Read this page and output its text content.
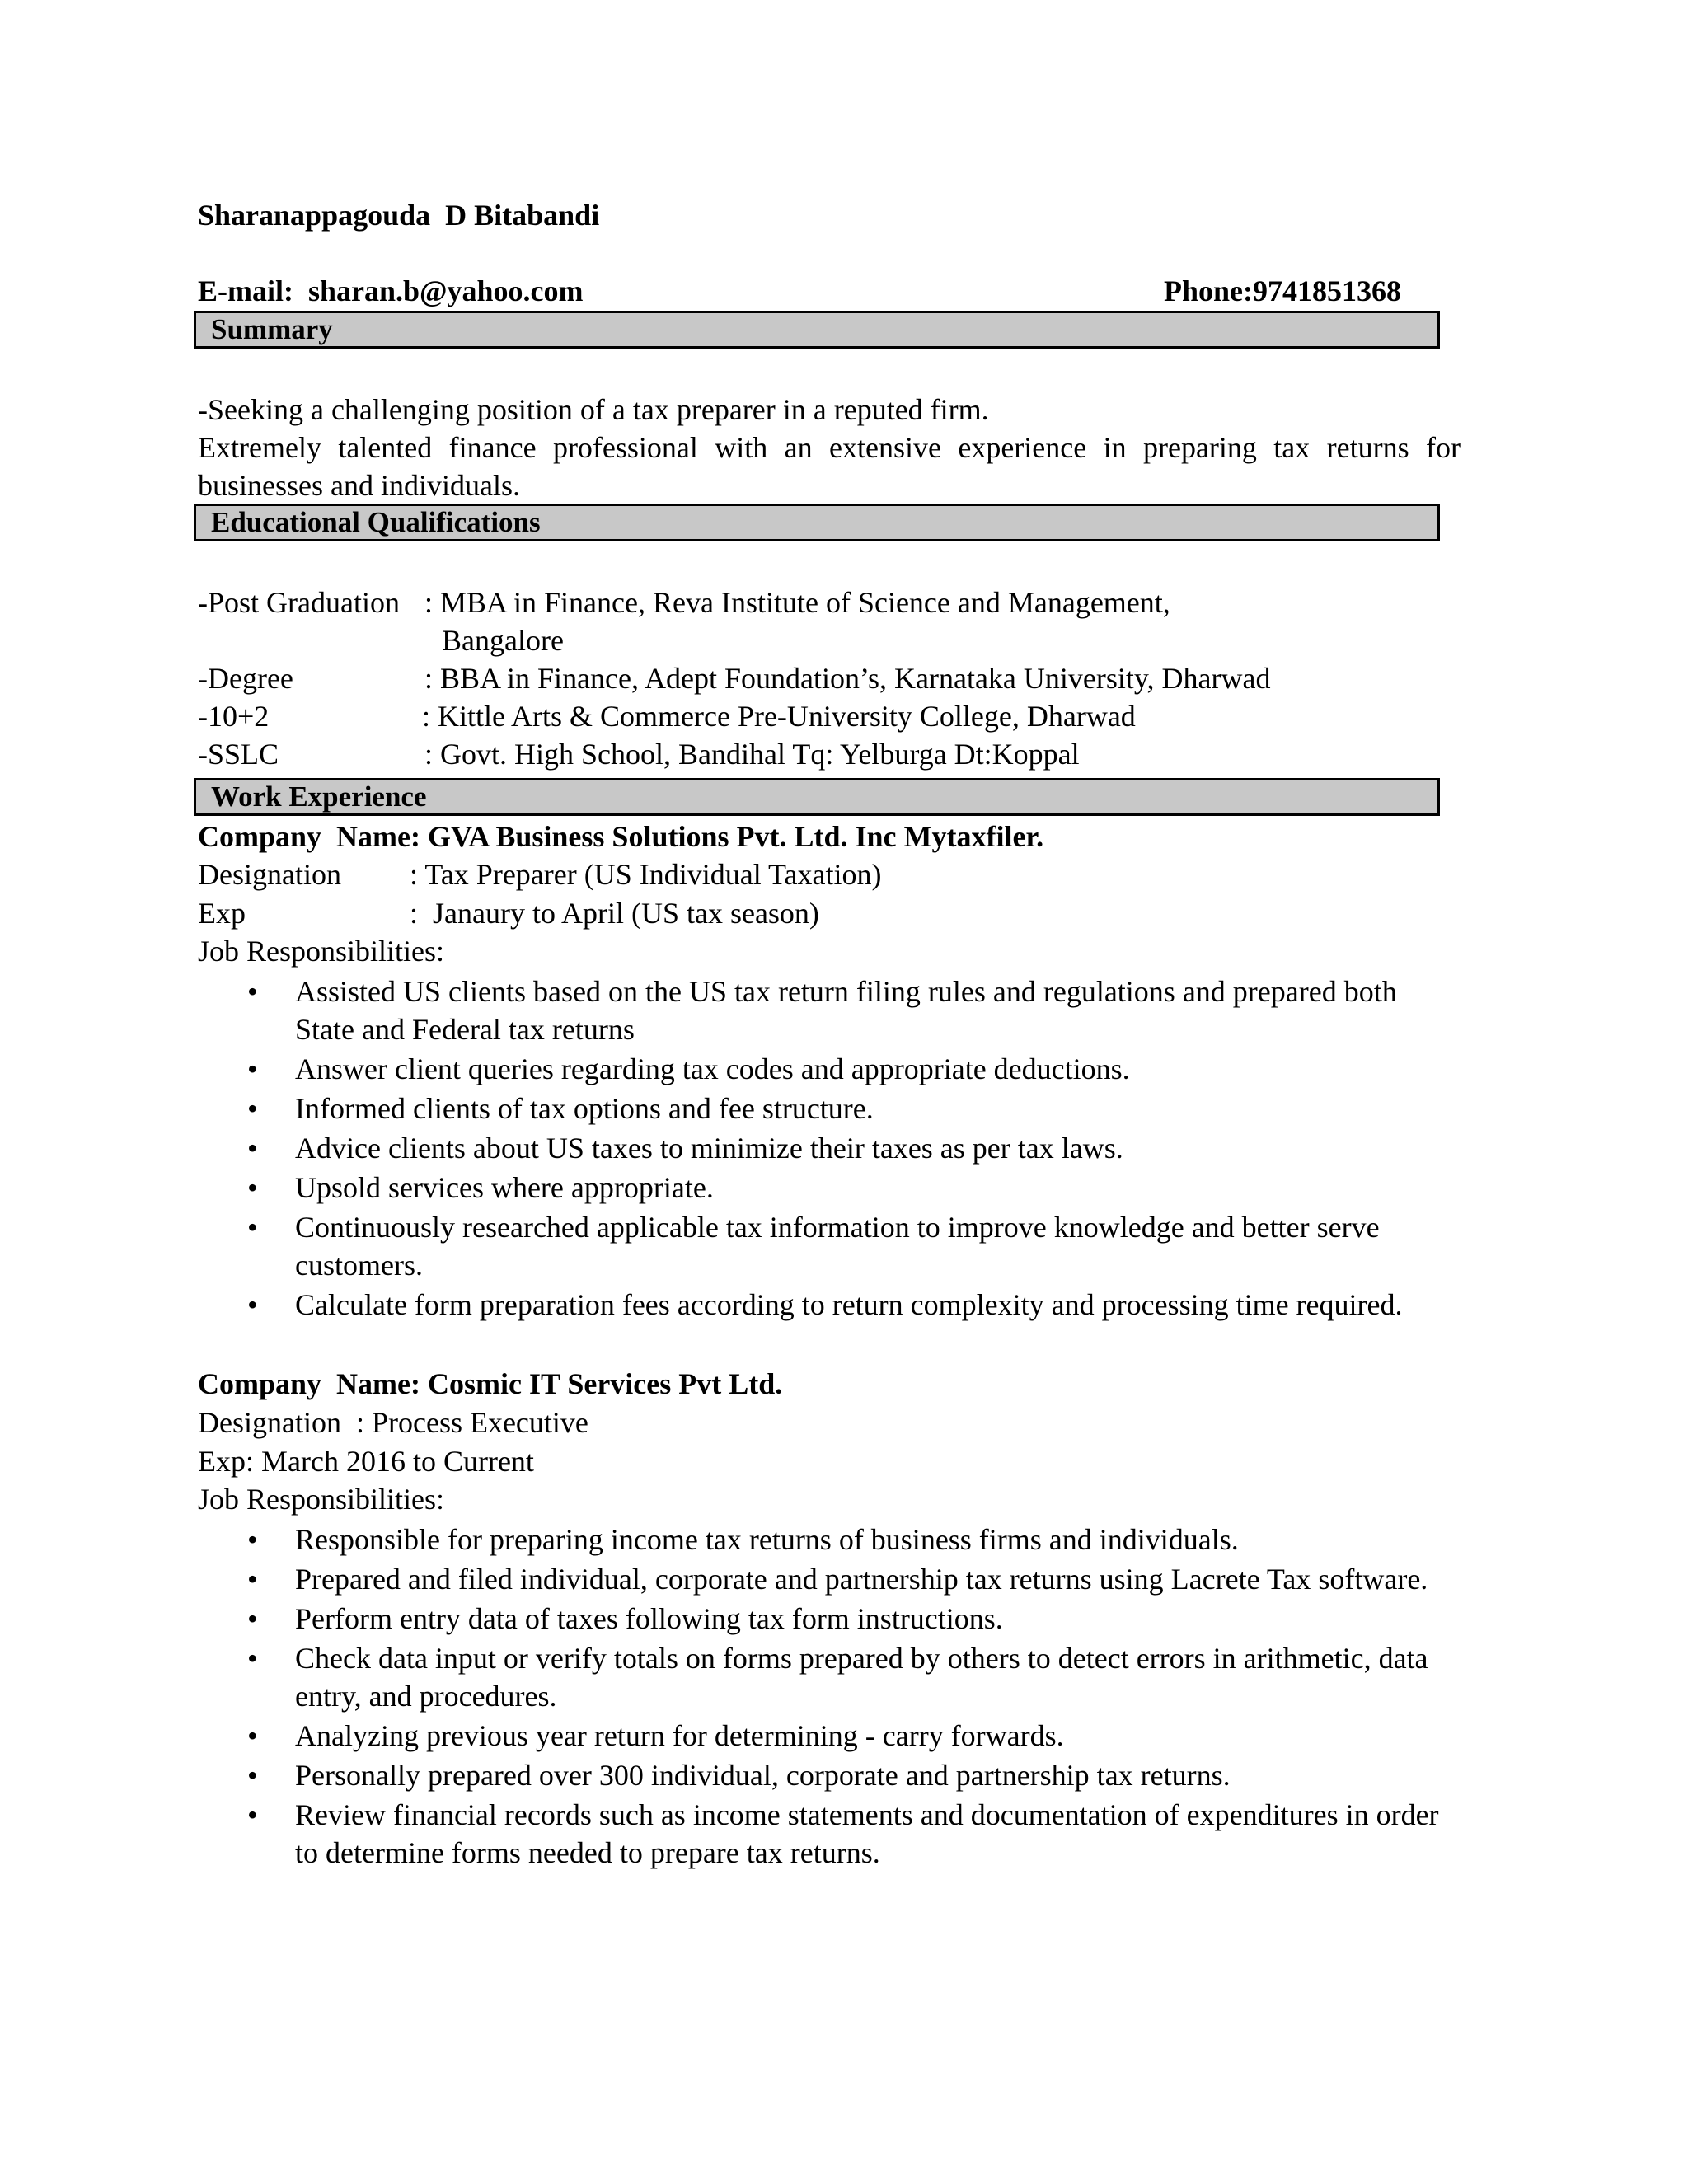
Sharanappagouda  D Bitabandi
E-mail:  sharan.b@yahoo.com	Phone:9741851368
Summary
-Seeking a challenging position of a tax preparer in a reputed firm.
Extremely talented finance professional with an extensive experience in preparing tax returns for businesses and individuals.
Educational Qualifications
-Post Graduation : MBA in Finance, Reva Institute of Science and Management,
Bangalore
-Degree	: BBA in Finance, Adept Foundation’s, Karnataka University, Dharwad
-10+2	: Kittle Arts & Commerce Pre-University College, Dharwad
-SSLC	: Govt. High School, Bandihal Tq: Yelburga Dt:Koppal
Work Experience
Company  Name: GVA Business Solutions Pvt. Ltd. Inc Mytaxfiler.

Designation

: Tax Preparer (US Individual Taxation)

Exp

	:  Janaury to April (US tax season)

Job Responsibilities:
• Assisted US clients based on the US tax return filing rules and regulations and prepared both State and Federal tax returns
• Answer client queries regarding tax codes and appropriate deductions.
• Informed clients of tax options and fee structure.
• Advice clients about US taxes to minimize their taxes as per tax laws.
• Upsold services where appropriate.
• Continuously researched applicable tax information to improve knowledge and better serve customers.
• Calculate form preparation fees according to return complexity and processing time required.
Company  Name: Cosmic IT Services Pvt Ltd.
Designation  : Process Executive
Exp: March 2016 to Current
Job Responsibilities:
• Responsible for preparing income tax returns of business firms and individuals.
• Prepared and filed individual, corporate and partnership tax returns using Lacrete Tax software.
• Perform entry data of taxes following tax form instructions.
• Check data input or verify totals on forms prepared by others to detect errors in arithmetic, data entry, and procedures.
• Analyzing previous year return for determining - carry forwards.
• Personally prepared over 300 individual, corporate and partnership tax returns.
• Review financial records such as income statements and documentation of expenditures in order to determine forms needed to prepare tax returns.
